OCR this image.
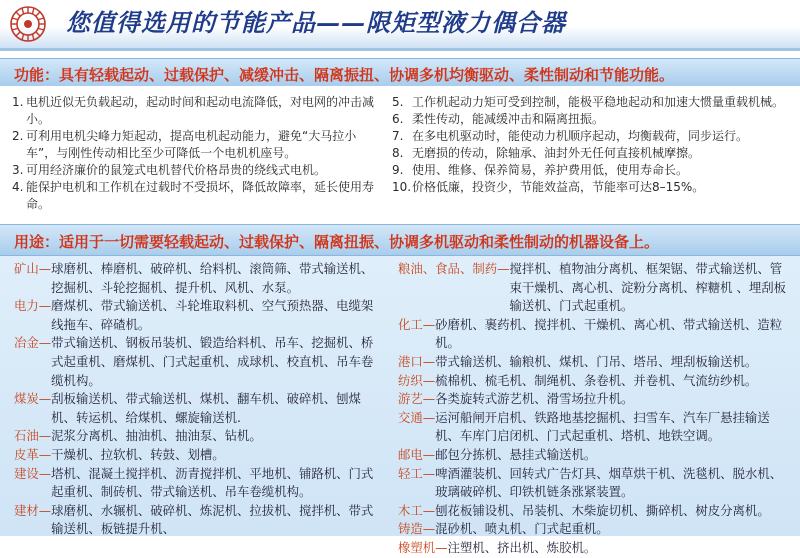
您值得选用的节能产品——限矩型液力偶合器
功能：具有轻载起动、过载保护、减缓冲击、隔离振扭、协调多机均衡驱动、柔性制动和节能功能。
1. 电机近似无负载起动，起动时间和起动电流降低，对电网的冲击减小。
2. 可利用电机尖峰力矩起动，提高电机起动能力，避免“大马拉小车”，与刚性传动相比至少可降低一个电机机座号。
3. 可用经济廉价的鼠笼式电机替代价格昂贵的绕线式电机。
4. 能保护电机和工作机在过载时不受损坏，降低故障率，延长使用寿命。
5. 工作机起动力矩可受到控制，能极平稳地起动和加速大惯量重载机械。
6. 柔性传动，能减缓冲击和隔离扭振。
7. 在多电机驱动时，能使动力机顺序起动，均衡载荷，同步运行。
8. 无磨损的传动，除轴承、油封外无任何直接机械摩擦。
9. 使用、维修、保养简易，养护费用低，使用寿命长。
10. 价格低廉，投资少，节能效益高，节能率可达8–15%。
用途：适用于一切需要轻载起动、过载保护、隔离扭振、协调多机驱动和柔性制动的机器设备上。
矿山— 球磨机、棒磨机、破碎机、给料机、滚筒筛、带式输送机、挖掘机、斗轮挖掘机、提升机、风机、水泵。
电力— 磨煤机、带式输送机、斗轮堆取料机、空气预热器、电缆架线拖车、碎碴机。
冶金— 带式输送机、钢板吊装机、锻造给料机、吊车、挖掘机、桥式起重机、磨煤机、门式起重机、成球机、校直机、吊车卷缆机构。
煤炭— 刮板输送机、带式输送机、煤机、翻车机、破碎机、刨煤机、转运机、给煤机、螺旋输送机.
石油— 泥浆分离机、抽油机、抽油泵、钻机。
皮革— 干燥机、拉软机、转鼓、划槽。
建设— 塔机、混凝土搅拌机、沥青搅拌机、平地机、铺路机、门式起重机、制砖机、带式输送机、吊车卷缆机构。
建材— 球磨机、水辗机、破碎机、炼泥机、拉拔机、搅拌机、带式输送机、板链提升机、
粮油、食品、制药— 搅拌机、植物油分离机、框架锯、带式输送机、管束干燥机、离心机、淀粉分离机、榨糖机 、埋刮板输送机、门式起重机。
化工— 砂磨机、裹药机、搅拌机、干燥机、离心机、带式输送机、造粒机。
港口— 带式输送机、输粮机、煤机、门吊、塔吊、埋刮板输送机。
纺织— 梳棉机、梳毛机、制绳机、条卷机、并卷机、气流纺纱机。
游艺— 各类旋转式游艺机、滑雪场拉升机。
交通— 运河船闸开启机、铁路地基挖掘机、扫雪车、汽车厂悬挂输送机、车库门启闭机、门式起重机、塔机、地铁空调。
邮电— 邮包分拣机、悬挂式输送机。
轻工— 啤酒灌装机、回转式广告灯具、烟草烘干机、洗毯机、脱水机、玻璃破碎机、印铁机链条涨紧装置。
木工— 刨花板铺设机、吊装机、木柴旋切机、撕碎机、树皮分离机。
铸造— 混砂机、喷丸机、门式起重机。
橡塑机— 注塑机、挤出机、炼胶机。
